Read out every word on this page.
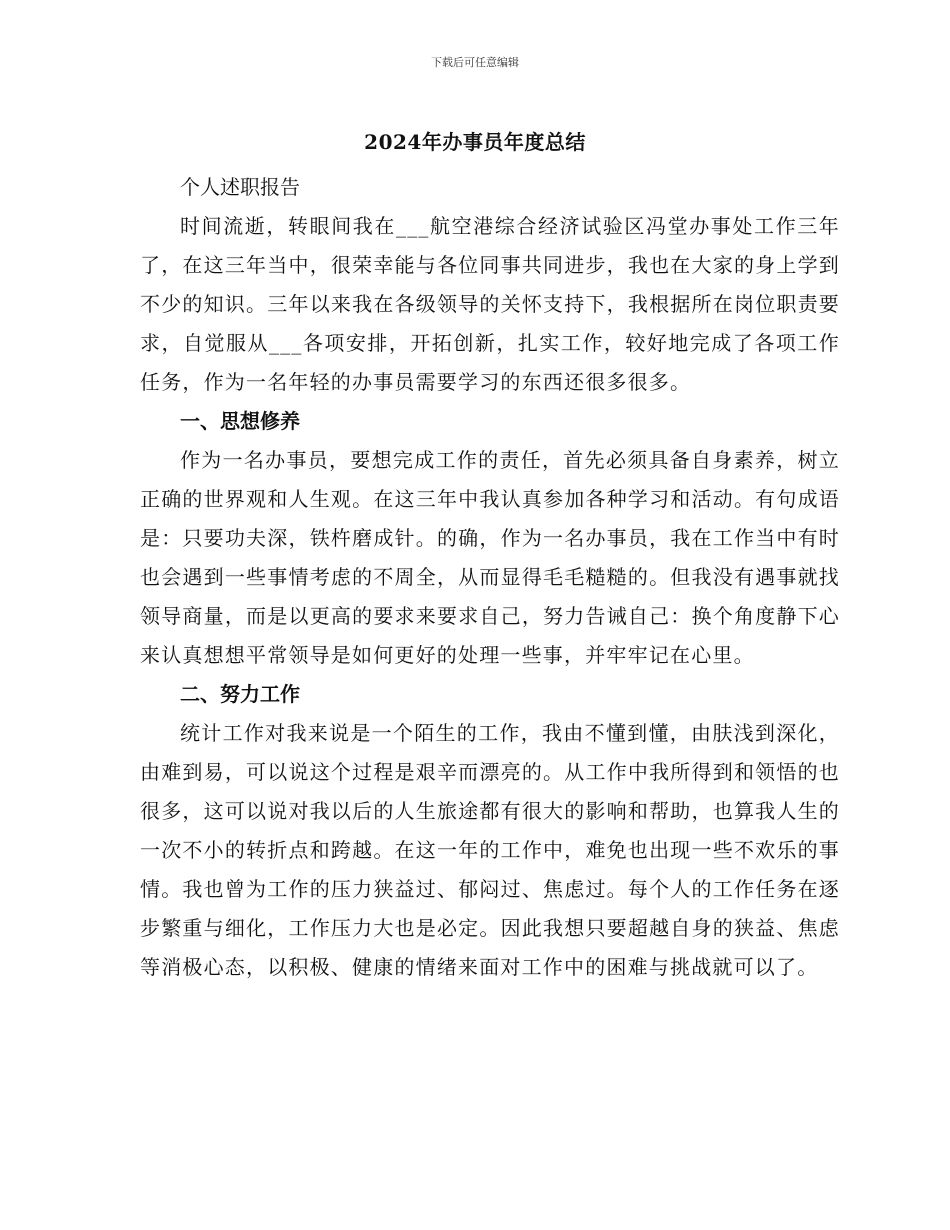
下载后可任意编辑
2024年办事员年度总结

个人述职报告

时间流逝，转眼间我在___航空港综合经济试验区冯堂办事处工作三年了，在这三年当中，很荣幸能与各位同事共同进步，我也在大家的身上学到不少的知识。三年以来我在各级领导的关怀支持下，我根据所在岗位职责要求，自觉服从___各项安排，开拓创新，扎实工作，较好地完成了各项工作任务，作为一名年轻的办事员需要学习的东西还很多很多。

一、思想修养

作为一名办事员，要想完成工作的责任，首先必须具备自身素养，树立正确的世界观和人生观。在这三年中我认真参加各种学习和活动。有句成语是：只要功夫深，铁杵磨成针。的确，作为一名办事员，我在工作当中有时也会遇到一些事情考虑的不周全，从而显得毛毛糙糙的。但我没有遇事就找领导商量，而是以更高的要求来要求自己，努力告诫自己：换个角度静下心来认真想想平常领导是如何更好的处理一些事，并牢牢记在心里。

二、努力工作

统计工作对我来说是一个陌生的工作，我由不懂到懂，由肤浅到深化，由难到易，可以说这个过程是艰辛而漂亮的。从工作中我所得到和领悟的也很多，这可以说对我以后的人生旅途都有很大的影响和帮助，也算我人生的一次不小的转折点和跨越。在这一年的工作中，难免也出现一些不欢乐的事情。我也曾为工作的压力狭益过、郁闷过、焦虑过。每个人的工作任务在逐步繁重与细化，工作压力大也是必定。因此我想只要超越自身的狭益、焦虑等消极心态，以积极、健康的情绪来面对工作中的困难与挑战就可以了。
